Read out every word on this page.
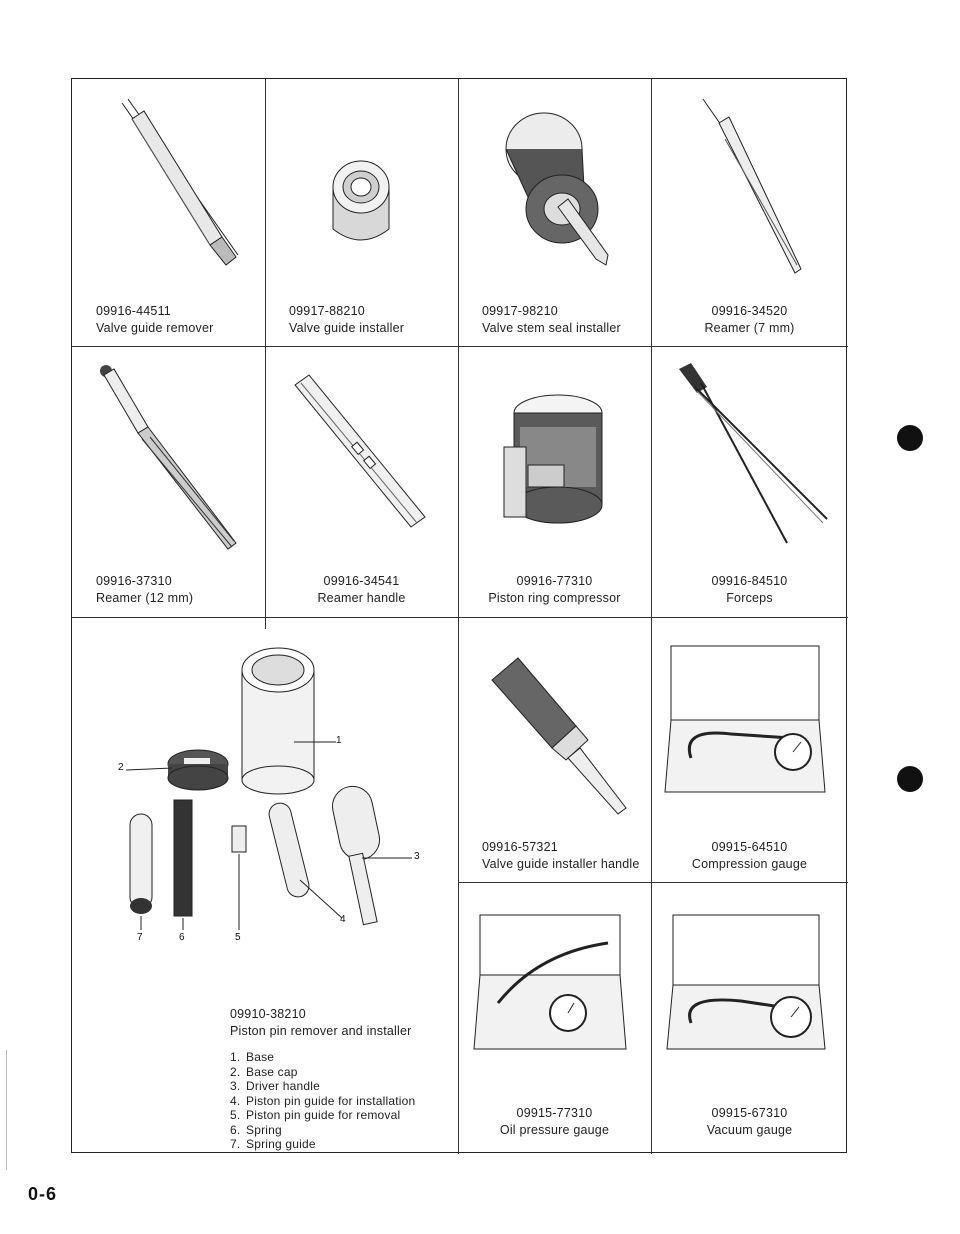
09916-44511
Valve guide remover
09917-88210
Valve guide installer
09917-98210
Valve stem seal installer
09916-34520
Reamer (7 mm)
09916-37310
Reamer (12 mm)
09916-34541
Reamer handle
09916-77310
Piston ring compressor
09916-84510
Forceps
1
2
3
4
5
6
7
09910-38210
Piston pin remover and installer
1. Base
2. Base cap
3. Driver handle
4. Piston pin guide for installation
5. Piston pin guide for removal
6. Spring
7. Spring guide
09916-57321
Valve guide installer handle
09915-64510
Compression gauge
09915-77310
Oil pressure gauge
09915-67310
Vacuum gauge
0-6
